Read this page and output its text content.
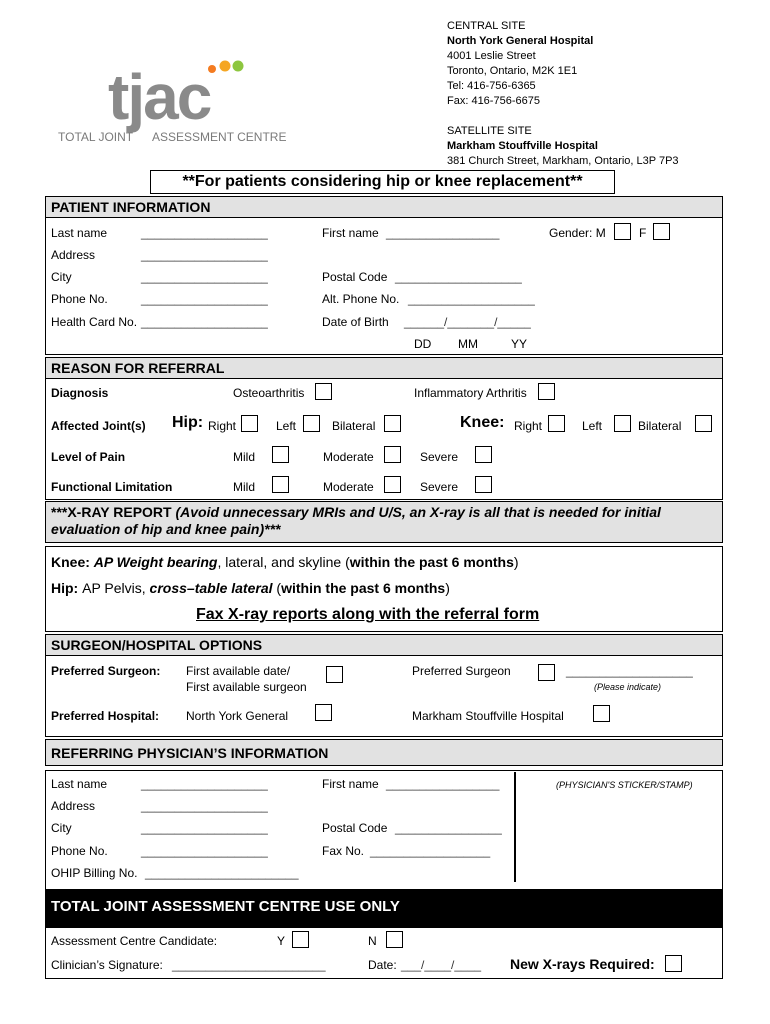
tjac
TOTAL JOINT ASSESSMENT CENTRE
CENTRAL SITE
North York General Hospital
4001 Leslie Street
Toronto, Ontario, M2K 1E1
Tel: 416-756-6365
Fax: 416-756-6675
SATELLITE SITE
Markham Stouffville Hospital
381 Church Street, Markham, Ontario, L3P 7P3
**For patients considering hip or knee replacement**
PATIENT INFORMATION
Last name	___________________	First name _________________	Gender: M	F
Address	___________________
City	___________________	Postal Code ___________________
Phone No.	___________________	Alt. Phone No. ___________________
Health Card No. ___________________	Date of Birth ______/_______/_____
DD MM	YY
REASON FOR REFERRAL
Diagnosis	Osteoarthritis	Inflammatory Arthritis
Affected Joint(s) Hip: Right	Left	Bilateral	Knee: Right	Left	Bilateral
Level of Pain	Mild	Moderate	Severe
Functional Limitation	Mild	Moderate	Severe
***X-RAY REPORT (Avoid unnecessary MRIs and U/S, an X-ray is all that is needed for initial evaluation of hip and knee pain)***
Knee: AP Weight bearing, lateral, and skyline (within the past 6 months)
Hip: AP Pelvis, cross–table lateral (within the past 6 months)
Fax X-ray reports along with the referral form
SURGEON/HOSPITAL OPTIONS
Preferred Surgeon: First available date/
First available surgeon
Preferred Surgeon	___________________
(Please indicate)
Preferred Hospital: North York General	Markham Stouffville Hospital
REFERRING PHYSICIAN’S INFORMATION
(PHYSICIAN'S STICKER/STAMP)
Last name	___________________	First name _________________
Address	___________________
City	___________________	Postal Code ________________
Phone No.	___________________	Fax No. __________________
OHIP Billing No. _______________________
TOTAL JOINT ASSESSMENT CENTRE USE ONLY
Assessment Centre Candidate:	Y	N
Clinician’s Signature: _______________________	Date: ___/____/____ New X-rays Required:
